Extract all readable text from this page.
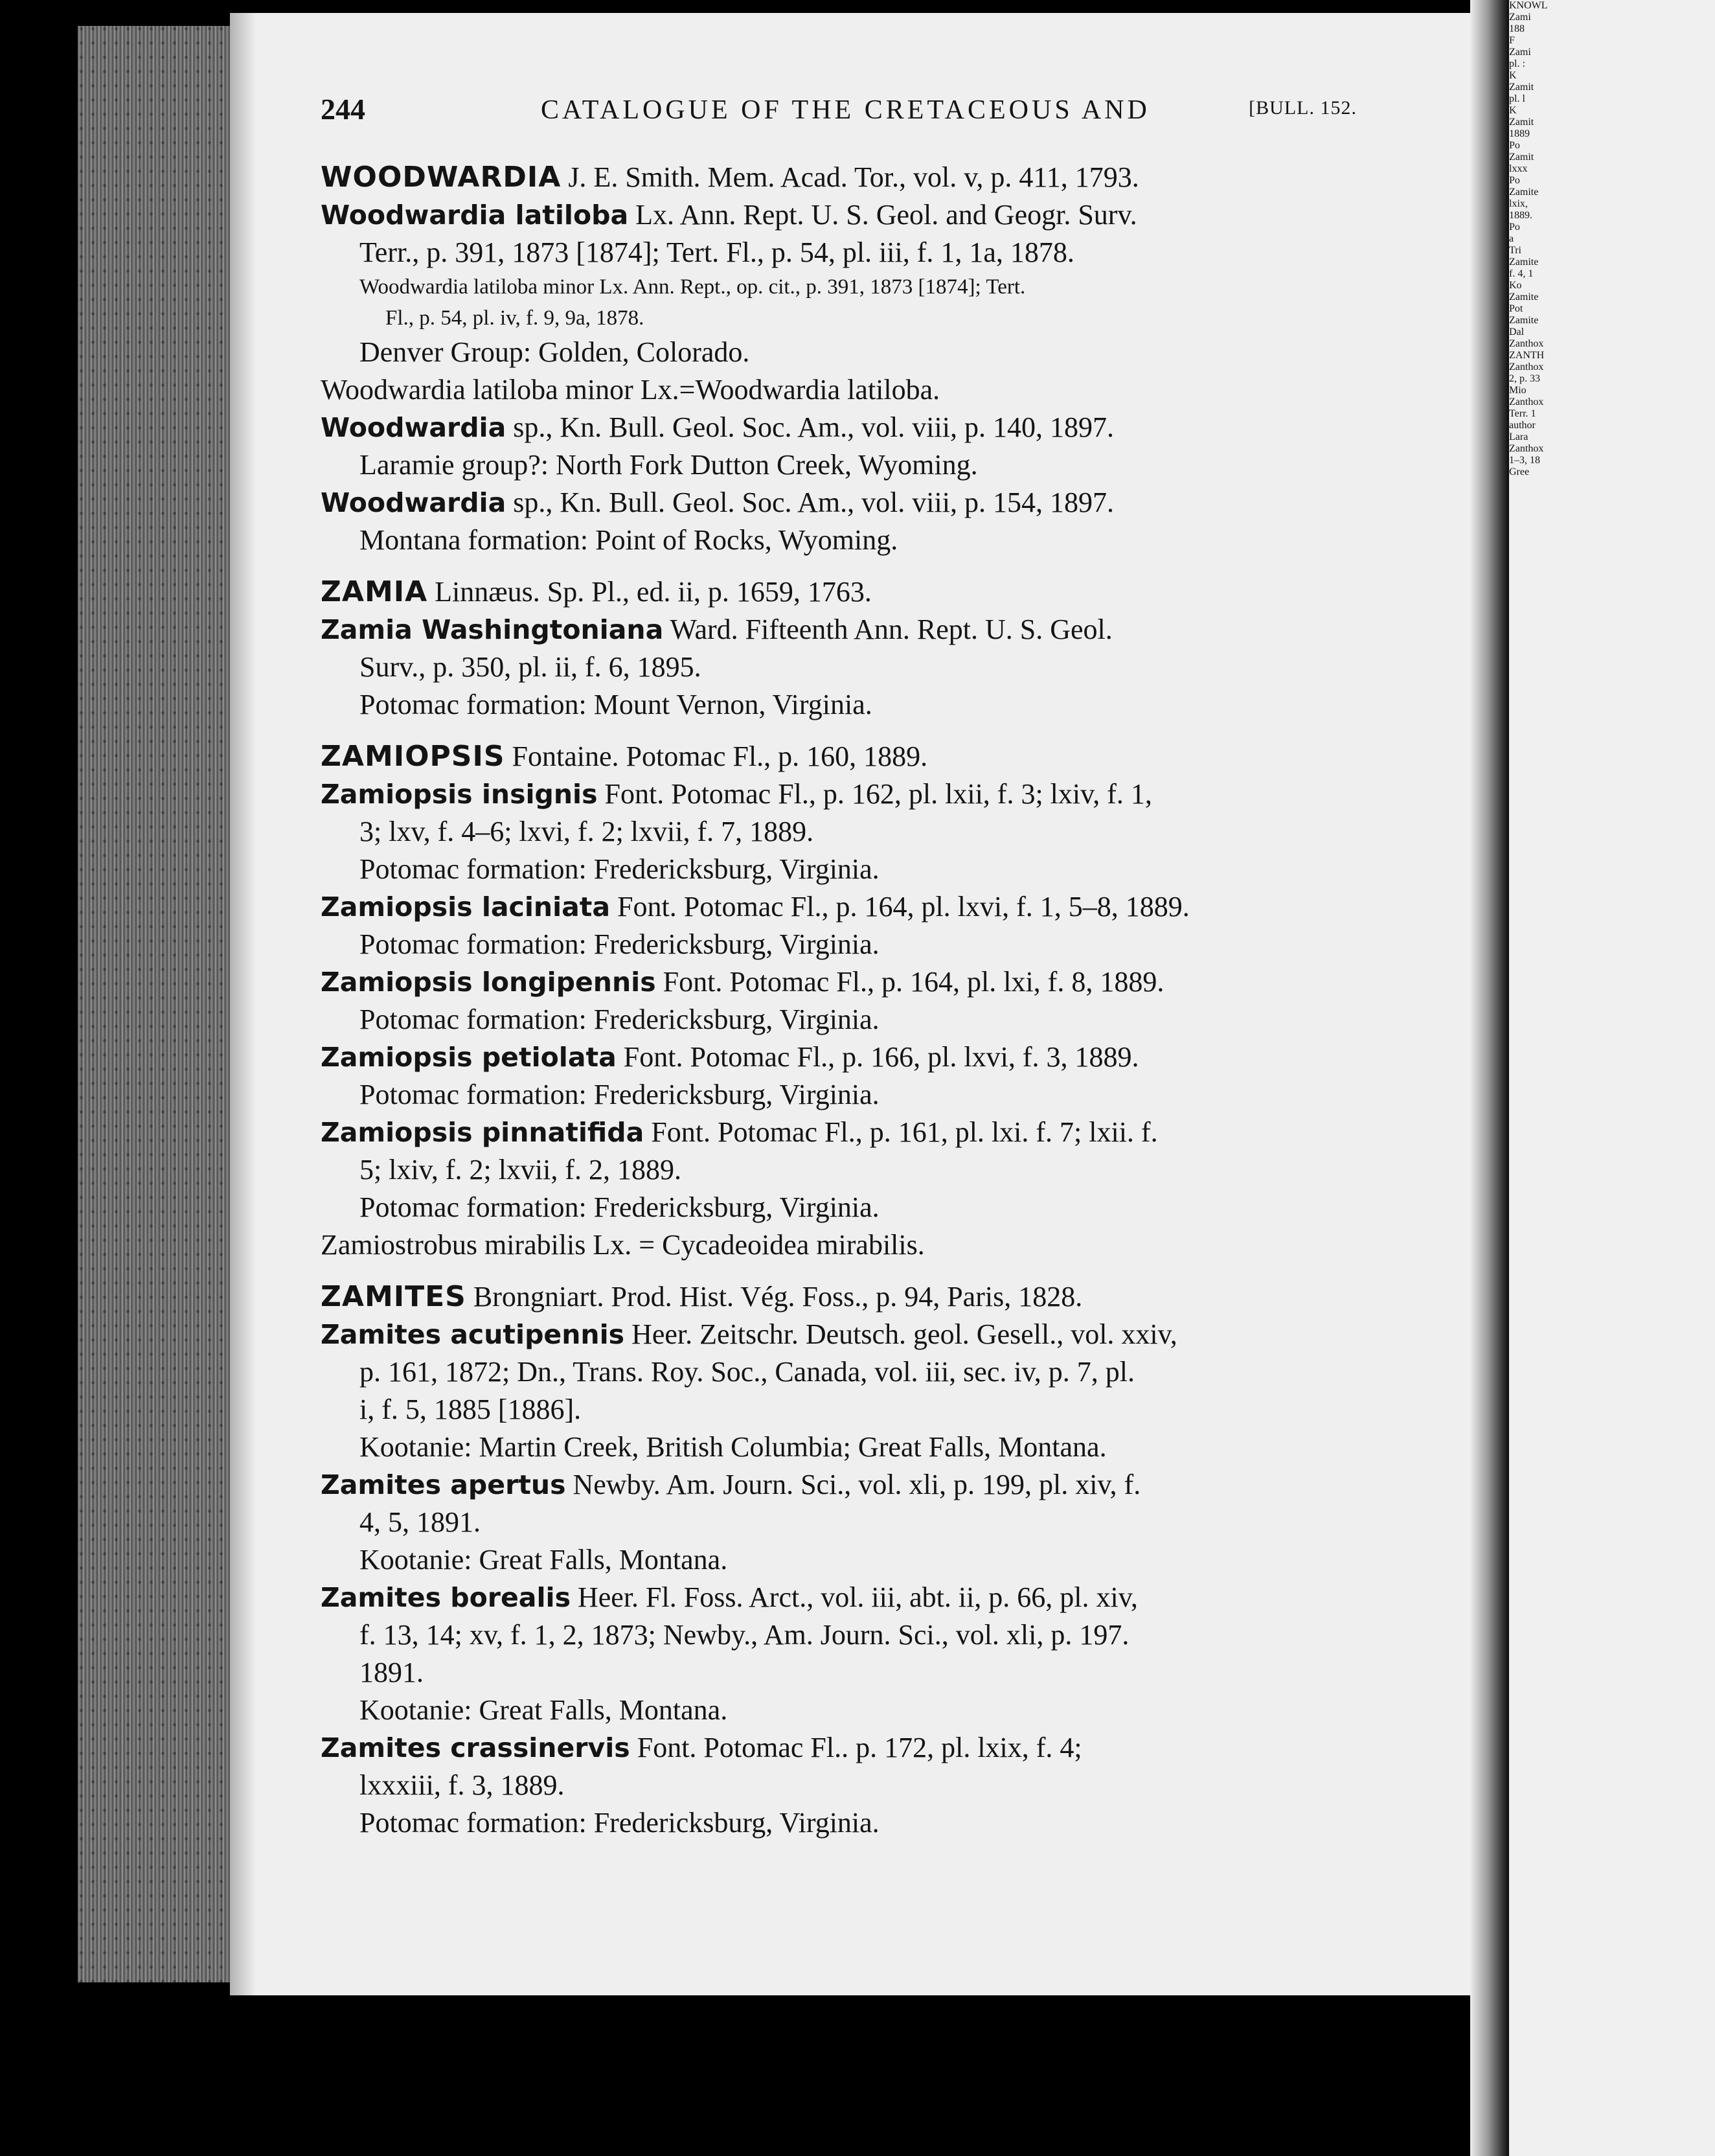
KNOWL
Zami
188
F
Zami
pl. :
K
Zamit
pl. l
K
Zamit
1889
Po
Zamit
lxxx
Po
Zamite
lxix,
1889.
Po
a
Tri
Zamite
f. 4, 1
Ko
Zamite
Pot
Zamite
Dal
Zanthox
ZANTH
Zanthox
2, p. 33
Mio
Zanthox
Terr. 1
author
Lara
Zanthox
1–3, 18
Gree
244	CATALOGUE OF THE CRETACEOUS AND	[BULL. 152.
WOODWARDIA J. E. Smith. Mem. Acad. Tor., vol. v, p. 411, 1793.
Woodwardia latiloba Lx. Ann. Rept. U. S. Geol. and Geogr. Surv.
Terr., p. 391, 1873 [1874]; Tert. Fl., p. 54, pl. iii, f. 1, 1a, 1878.
Woodwardia latiloba minor Lx. Ann. Rept., op. cit., p. 391, 1873 [1874]; Tert.
Fl., p. 54, pl. iv, f. 9, 9a, 1878.
Denver Group: Golden, Colorado.
Woodwardia latiloba minor Lx.=Woodwardia latiloba.
Woodwardia sp., Kn. Bull. Geol. Soc. Am., vol. viii, p. 140, 1897.
Laramie group?: North Fork Dutton Creek, Wyoming.
Woodwardia sp., Kn. Bull. Geol. Soc. Am., vol. viii, p. 154, 1897.
Montana formation: Point of Rocks, Wyoming.
ZAMIA Linnæus. Sp. Pl., ed. ii, p. 1659, 1763.
Zamia Washingtoniana Ward. Fifteenth Ann. Rept. U. S. Geol.
Surv., p. 350, pl. ii, f. 6, 1895.
Potomac formation: Mount Vernon, Virginia.
ZAMIOPSIS Fontaine. Potomac Fl., p. 160, 1889.
Zamiopsis insignis Font. Potomac Fl., p. 162, pl. lxii, f. 3; lxiv, f. 1,
3; lxv, f. 4–6; lxvi, f. 2; lxvii, f. 7, 1889.
Potomac formation: Fredericksburg, Virginia.
Zamiopsis laciniata Font. Potomac Fl., p. 164, pl. lxvi, f. 1, 5–8, 1889.
Potomac formation: Fredericksburg, Virginia.
Zamiopsis longipennis Font. Potomac Fl., p. 164, pl. lxi, f. 8, 1889.
Potomac formation: Fredericksburg, Virginia.
Zamiopsis petiolata Font. Potomac Fl., p. 166, pl. lxvi, f. 3, 1889.
Potomac formation: Fredericksburg, Virginia.
Zamiopsis pinnatifida Font. Potomac Fl., p. 161, pl. lxi. f. 7; lxii. f.
5; lxiv, f. 2; lxvii, f. 2, 1889.
Potomac formation: Fredericksburg, Virginia.
Zamiostrobus mirabilis Lx. = Cycadeoidea mirabilis.
ZAMITES Brongniart. Prod. Hist. Vég. Foss., p. 94, Paris, 1828.
Zamites acutipennis Heer. Zeitschr. Deutsch. geol. Gesell., vol. xxiv,
p. 161, 1872; Dn., Trans. Roy. Soc., Canada, vol. iii, sec. iv, p. 7, pl.
i, f. 5, 1885 [1886].
Kootanie: Martin Creek, British Columbia; Great Falls, Montana.
Zamites apertus Newby. Am. Journ. Sci., vol. xli, p. 199, pl. xiv, f.
4, 5, 1891.
Kootanie: Great Falls, Montana.
Zamites borealis Heer. Fl. Foss. Arct., vol. iii, abt. ii, p. 66, pl. xiv,
f. 13, 14; xv, f. 1, 2, 1873; Newby., Am. Journ. Sci., vol. xli, p. 197.
1891.
Kootanie: Great Falls, Montana.
Zamites crassinervis Font. Potomac Fl.. p. 172, pl. lxix, f. 4;
lxxxiii, f. 3, 1889.
Potomac formation: Fredericksburg, Virginia.
